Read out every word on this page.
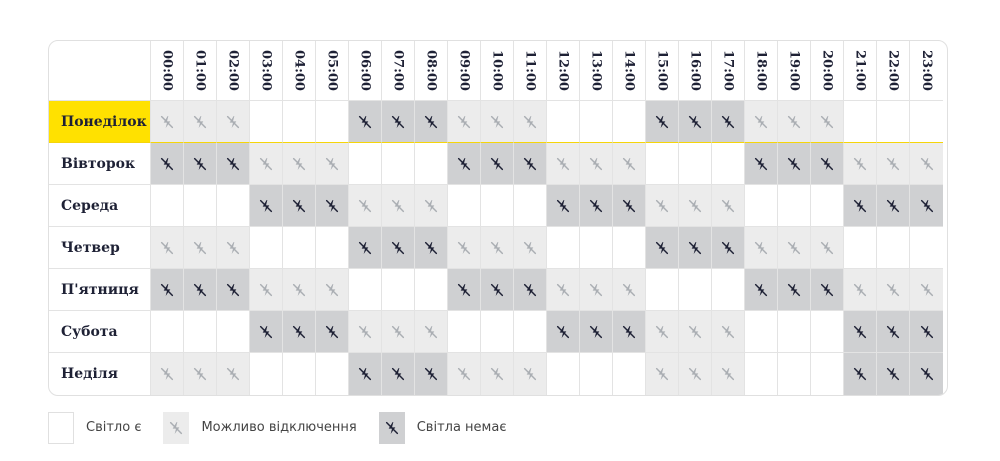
00:00 01:00 02:00 03:00 04:00 05:00 06:00 07:00 08:00 09:00 10:00 11:00 12:00 13:00 14:00 15:00 16:00 17:00 18:00 19:00 20:00 21:00 22:00 23:00
Понеділок
Вівторок
Середа
Четвер
П'ятниця
Субота
Неділя
Світло є	Можливо відключення	Світла немає
